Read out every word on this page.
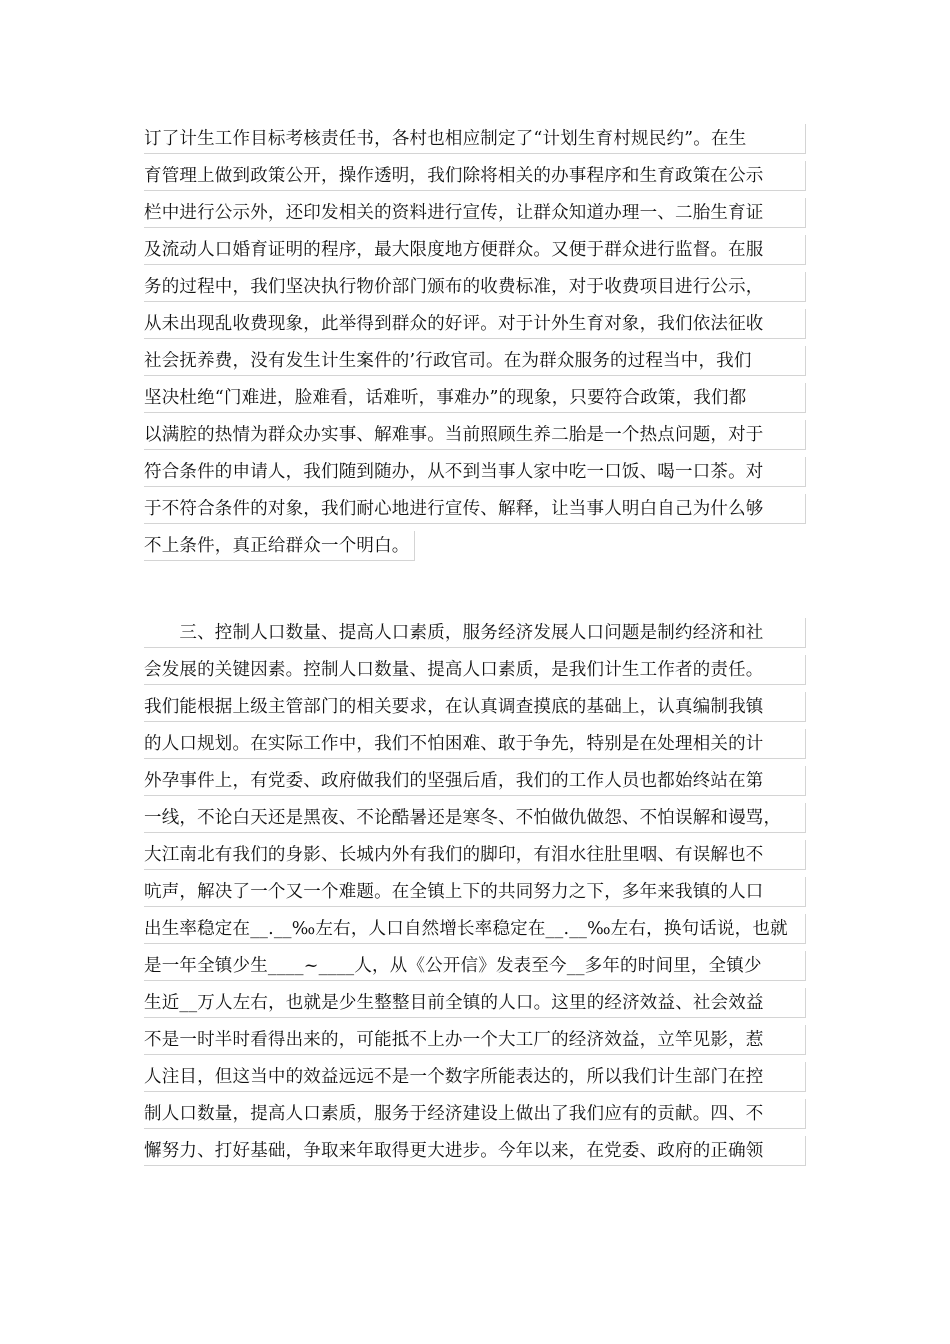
订了计生工作目标考核责任书，各村也相应制定了“计划生育村规民约”。在生
育管理上做到政策公开，操作透明，我们除将相关的办事程序和生育政策在公示
栏中进行公示外，还印发相关的资料进行宣传，让群众知道办理一、二胎生育证
及流动人口婚育证明的程序，最大限度地方便群众。又便于群众进行监督。在服
务的过程中，我们坚决执行物价部门颁布的收费标准，对于收费项目进行公示，
从未出现乱收费现象，此举得到群众的好评。对于计外生育对象，我们依法征收
社会抚养费，没有发生计生案件的’行政官司。在为群众服务的过程当中，我们
坚决杜绝“门难进，脸难看，话难听，事难办”的现象，只要符合政策，我们都
以满腔的热情为群众办实事、解难事。当前照顾生养二胎是一个热点问题，对于
符合条件的申请人，我们随到随办，从不到当事人家中吃一口饭、喝一口茶。对
于不符合条件的对象，我们耐心地进行宣传、解释，让当事人明白自己为什么够
不上条件，真正给群众一个明白。
　　三、控制人口数量、提高人口素质，服务经济发展人口问题是制约经济和社
会发展的关键因素。控制人口数量、提高人口素质，是我们计生工作者的责任。
我们能根据上级主管部门的相关要求，在认真调查摸底的基础上，认真编制我镇
的人口规划。在实际工作中，我们不怕困难、敢于争先，特别是在处理相关的计
外孕事件上，有党委、政府做我们的坚强后盾，我们的工作人员也都始终站在第
一线，不论白天还是黑夜、不论酷暑还是寒冬、不怕做仇做怨、不怕误解和谩骂，
大江南北有我们的身影、长城内外有我们的脚印，有泪水往肚里咽、有误解也不
吭声，解决了一个又一个难题。在全镇上下的共同努力之下，多年来我镇的人口
出生率稳定在__.__‰左右，人口自然增长率稳定在__.__‰左右，换句话说，也就
是一年全镇少生____~____人，从《公开信》发表至今__多年的时间里，全镇少
生近__万人左右，也就是少生整整目前全镇的人口。这里的经济效益、社会效益
不是一时半时看得出来的，可能抵不上办一个大工厂的经济效益，立竿见影，惹
人注目，但这当中的效益远远不是一个数字所能表达的，所以我们计生部门在控
制人口数量，提高人口素质，服务于经济建设上做出了我们应有的贡献。四、不
懈努力、打好基础，争取来年取得更大进步。今年以来，在党委、政府的正确领
